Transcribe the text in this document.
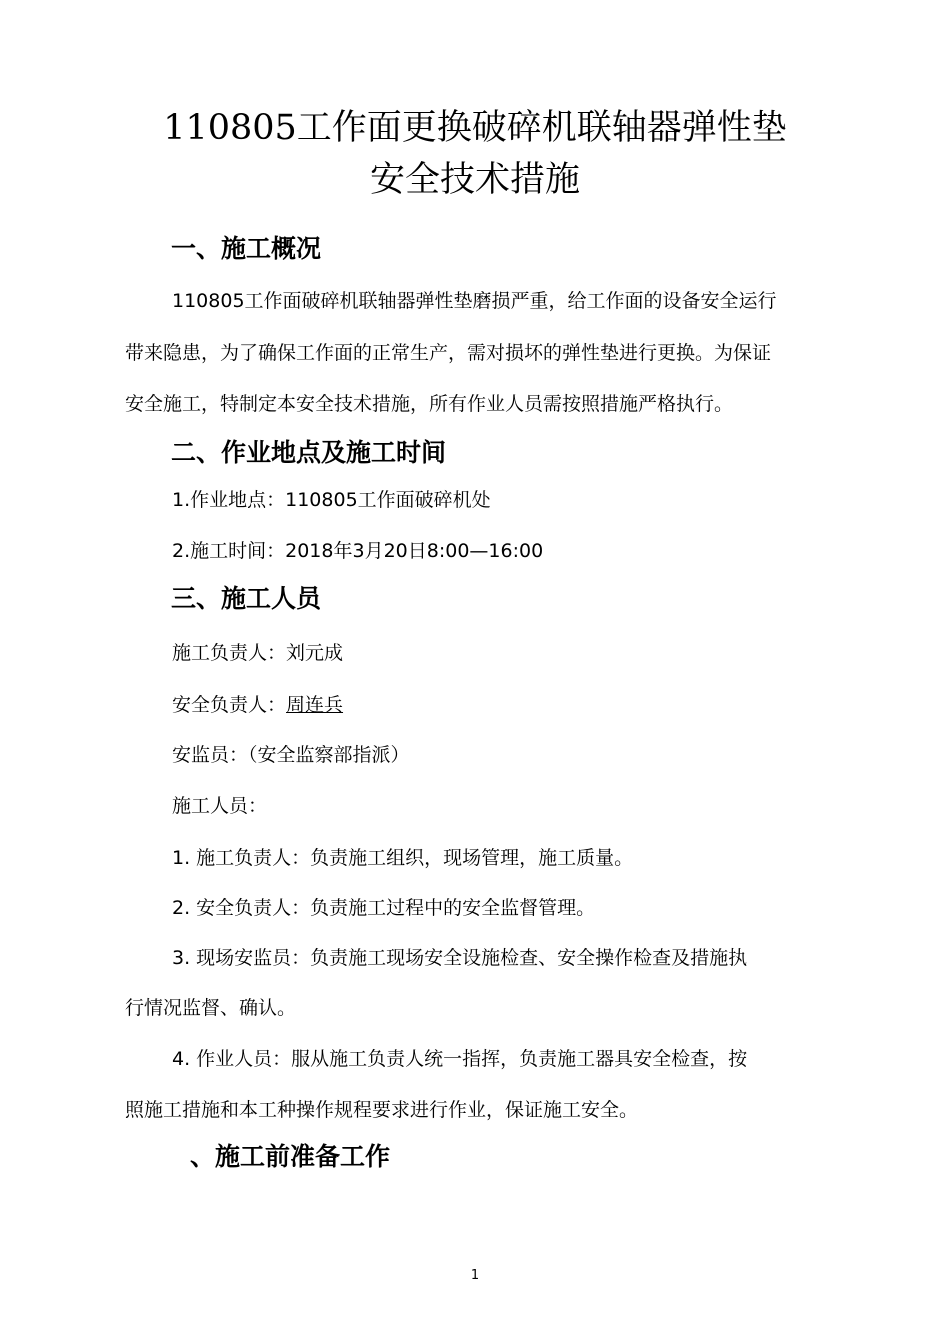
110805工作面更换破碎机联轴器弹性垫
安全技术措施
一、施工概况
110805工作面破碎机联轴器弹性垫磨损严重，给工作面的设备安全运行
带来隐患，为了确保工作面的正常生产，需对损坏的弹性垫进行更换。为保证
安全施工，特制定本安全技术措施，所有作业人员需按照措施严格执行。
二、作业地点及施工时间
1.作业地点：110805工作面破碎机处
2.施工时间：2018年3月20日8:00—16:00
三、施工人员
施工负责人：刘元成
安全负责人：周连兵
安监员：（安全监察部指派）
施工人员：
1. 施工负责人：负责施工组织，现场管理，施工质量。
2. 安全负责人：负责施工过程中的安全监督管理。
3. 现场安监员：负责施工现场安全设施检查、安全操作检查及措施执
行情况监督、确认。
4. 作业人员：服从施工负责人统一指挥，负责施工器具安全检查，按
照施工措施和本工种操作规程要求进行作业，保证施工安全。
、施工前准备工作
1
